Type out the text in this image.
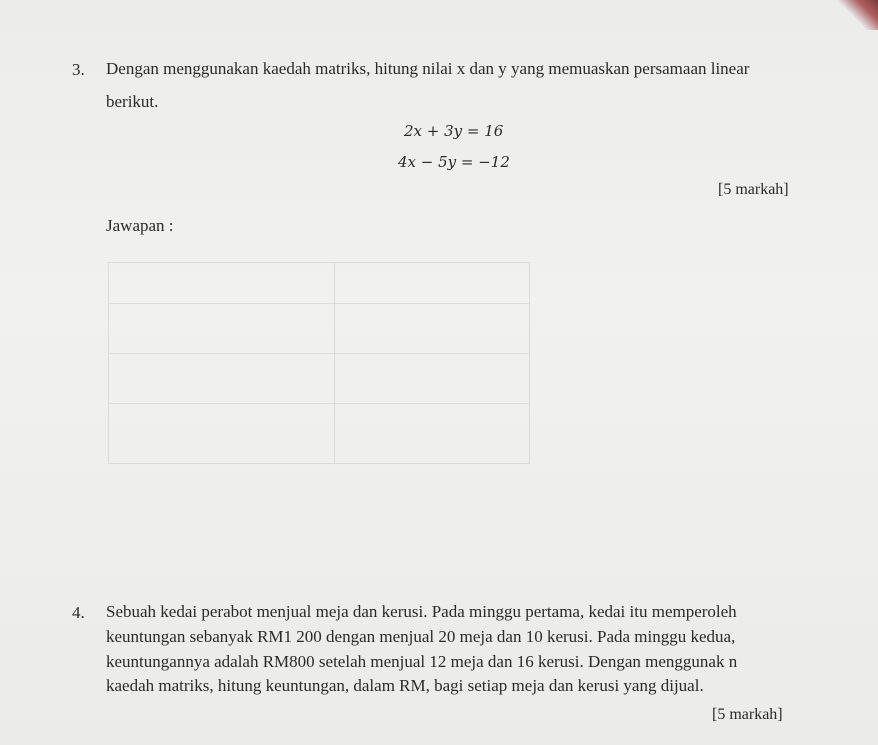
3. Dengan menggunakan kaedah matriks, hitung nilai x dan y yang memuaskan persamaan linear
berikut.
2x + 3y = 16
4x − 5y = −12
[5 markah]
Jawapan :
4. Sebuah kedai perabot menjual meja dan kerusi. Pada minggu pertama, kedai itu memperoleh
keuntungan sebanyak RM1 200 dengan menjual 20 meja dan 10 kerusi. Pada minggu kedua,
keuntungannya adalah RM800 setelah menjual 12 meja dan 16 kerusi. Dengan menggunak n
kaedah matriks, hitung keuntungan, dalam RM, bagi setiap meja dan kerusi yang dijual.
[5 markah]
